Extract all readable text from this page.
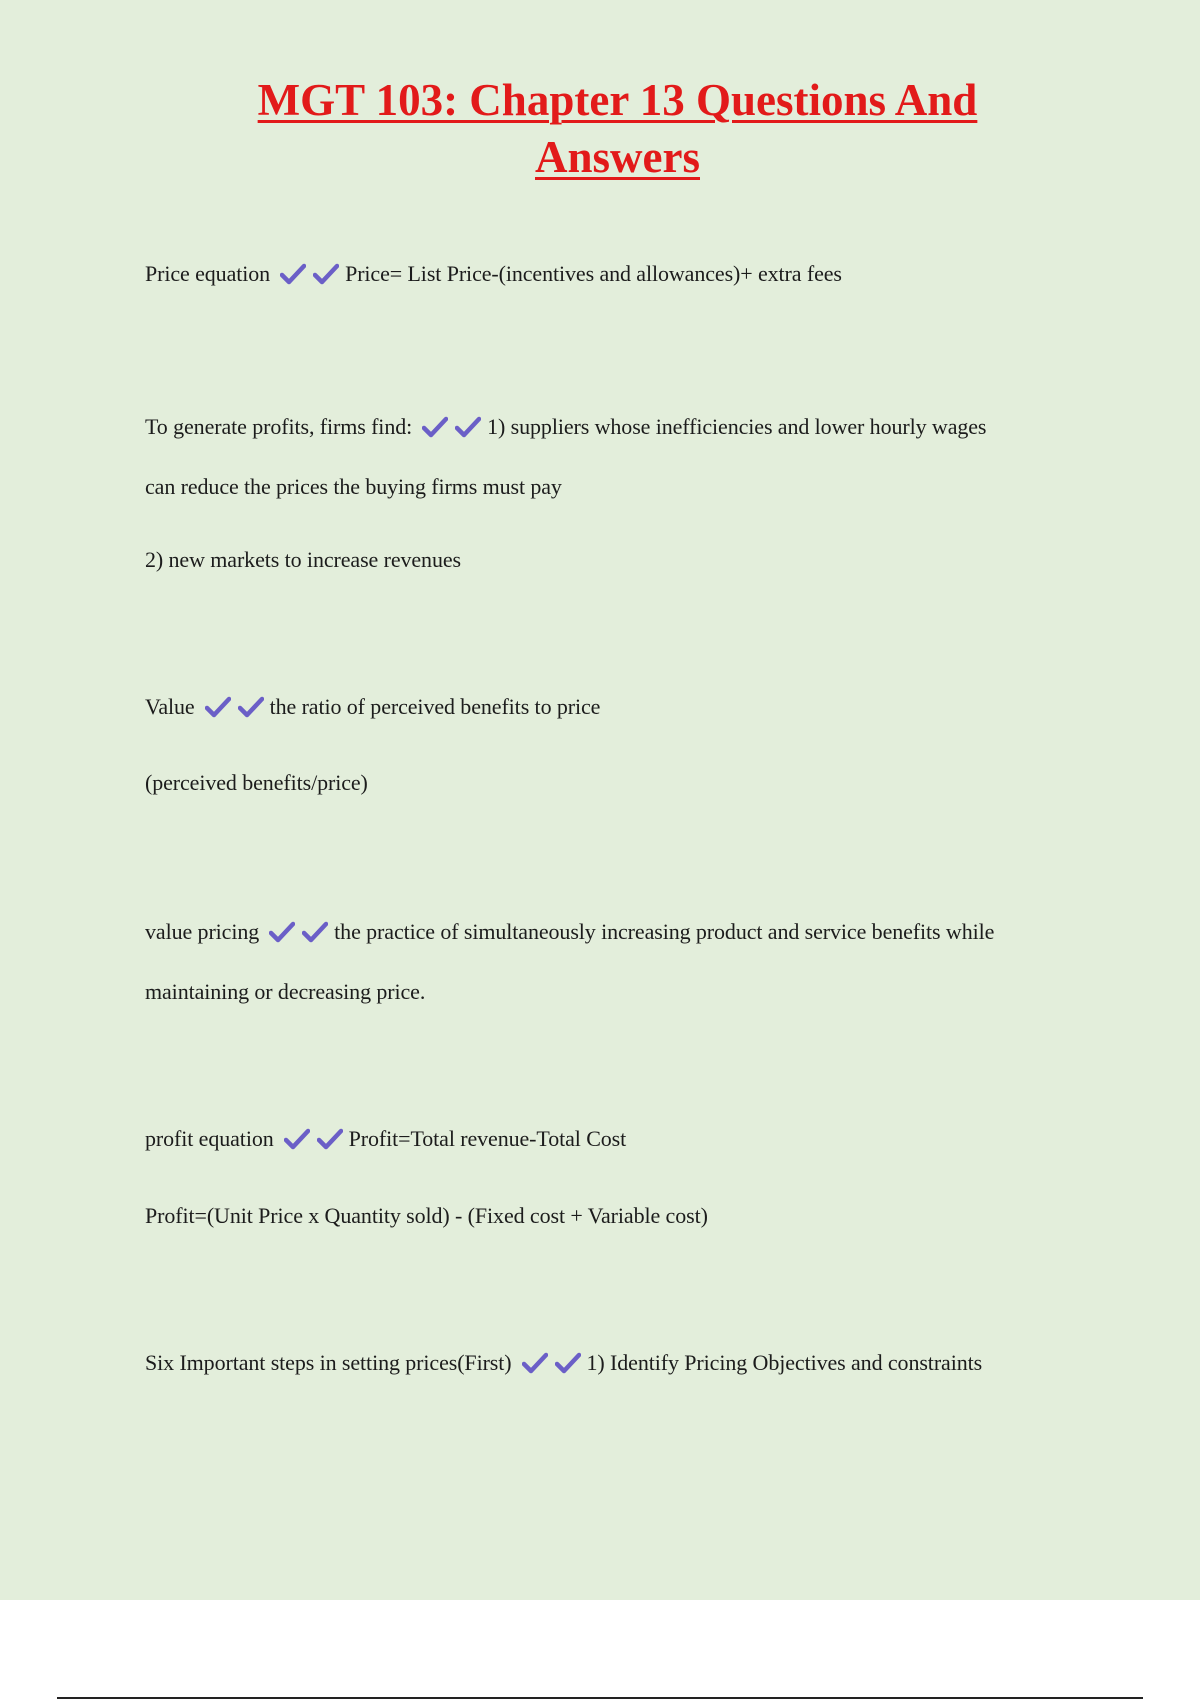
MGT 103: Chapter 13 Questions And
Answers

Price equation	Price= List Price-(incentives and allowances)+ extra fees

To generate profits, firms find:	1) suppliers whose inefficiencies and lower hourly wages

can reduce the prices the buying firms must pay

2) new markets to increase revenues

Value	the ratio of perceived benefits to price

(perceived benefits/price)

value pricing	the practice of simultaneously increasing product and service benefits while

maintaining or decreasing price.

profit equation	Profit=Total revenue-Total Cost

Profit=(Unit Price x Quantity sold) - (Fixed cost + Variable cost)

Six Important steps in setting prices(First)	1) Identify Pricing Objectives and constraints
